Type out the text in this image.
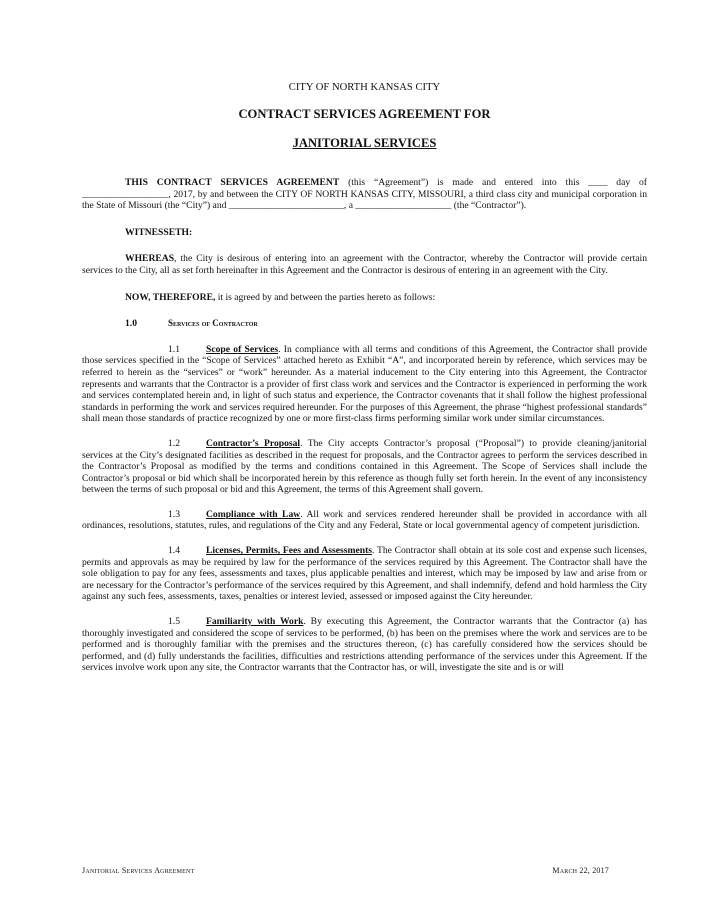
CITY OF NORTH KANSAS CITY
CONTRACT SERVICES AGREEMENT FOR
JANITORIAL SERVICES

THIS CONTRACT SERVICES AGREEMENT (this “Agreement”) is made and entered into this ____ day of __________________, 2017, by and between the CITY OF NORTH KANSAS CITY, MISSOURI, a third class city and municipal corporation in the State of Missouri (the “City”) and ________________________, a ____________________ (the “Contractor”).

WITNESSETH:

WHEREAS, the City is desirous of entering into an agreement with the Contractor, whereby the Contractor will provide certain services to the City, all as set forth hereinafter in this Agreement and the Contractor is desirous of entering in an agreement with the City.

NOW, THEREFORE, it is agreed by and between the parties hereto as follows:

1.0	Services of Contractor

1.1	Scope of Services. In compliance with all terms and conditions of this Agreement, the Contractor shall provide those services specified in the “Scope of Services” attached hereto as Exhibit “A”, and incorporated herein by reference, which services may be referred to herein as the “services” or “work” hereunder. As a material inducement to the City entering into this Agreement, the Contractor represents and warrants that the Contractor is a provider of first class work and services and the Contractor is experienced in performing the work and services contemplated herein and, in light of such status and experience, the Contractor covenants that it shall follow the highest professional standards in performing the work and services required hereunder. For the purposes of this Agreement, the phrase “highest professional standards” shall mean those standards of practice recognized by one or more first-class firms performing similar work under similar circumstances.

1.2	Contractor’s Proposal. The City accepts Contractor’s proposal (“Proposal”) to provide cleaning/janitorial services at the City’s designated facilities as described in the request for proposals, and the Contractor agrees to perform the services described in the Contractor’s Proposal as modified by the terms and conditions contained in this Agreement. The Scope of Services shall include the Contractor’s proposal or bid which shall be incorporated herein by this reference as though fully set forth herein. In the event of any inconsistency between the terms of such proposal or bid and this Agreement, the terms of this Agreement shall govern.

1.3	Compliance with Law. All work and services rendered hereunder shall be provided in accordance with all ordinances, resolutions, statutes, rules, and regulations of the City and any Federal, State or local governmental agency of competent jurisdiction.

1.4	Licenses, Permits, Fees and Assessments. The Contractor shall obtain at its sole cost and expense such licenses, permits and approvals as may be required by law for the performance of the services required by this Agreement. The Contractor shall have the sole obligation to pay for any fees, assessments and taxes, plus applicable penalties and interest, which may be imposed by law and arise from or are necessary for the Contractor’s performance of the services required by this Agreement, and shall indemnify, defend and hold harmless the City against any such fees, assessments, taxes, penalties or interest levied, assessed or imposed against the City hereunder.

1.5	Familiarity with Work. By executing this Agreement, the Contractor warrants that the Contractor (a) has thoroughly investigated and considered the scope of services to be performed, (b) has been on the premises where the work and services are to be performed and is thoroughly familiar with the premises and the structures thereon, (c) has carefully considered how the services should be performed, and (d) fully understands the facilities, difficulties and restrictions attending performance of the services under this Agreement. If the services involve work upon any site, the Contractor warrants that the Contractor has, or will, investigate the site and is or will

Janitorial Services Agreement	March 22, 2017
